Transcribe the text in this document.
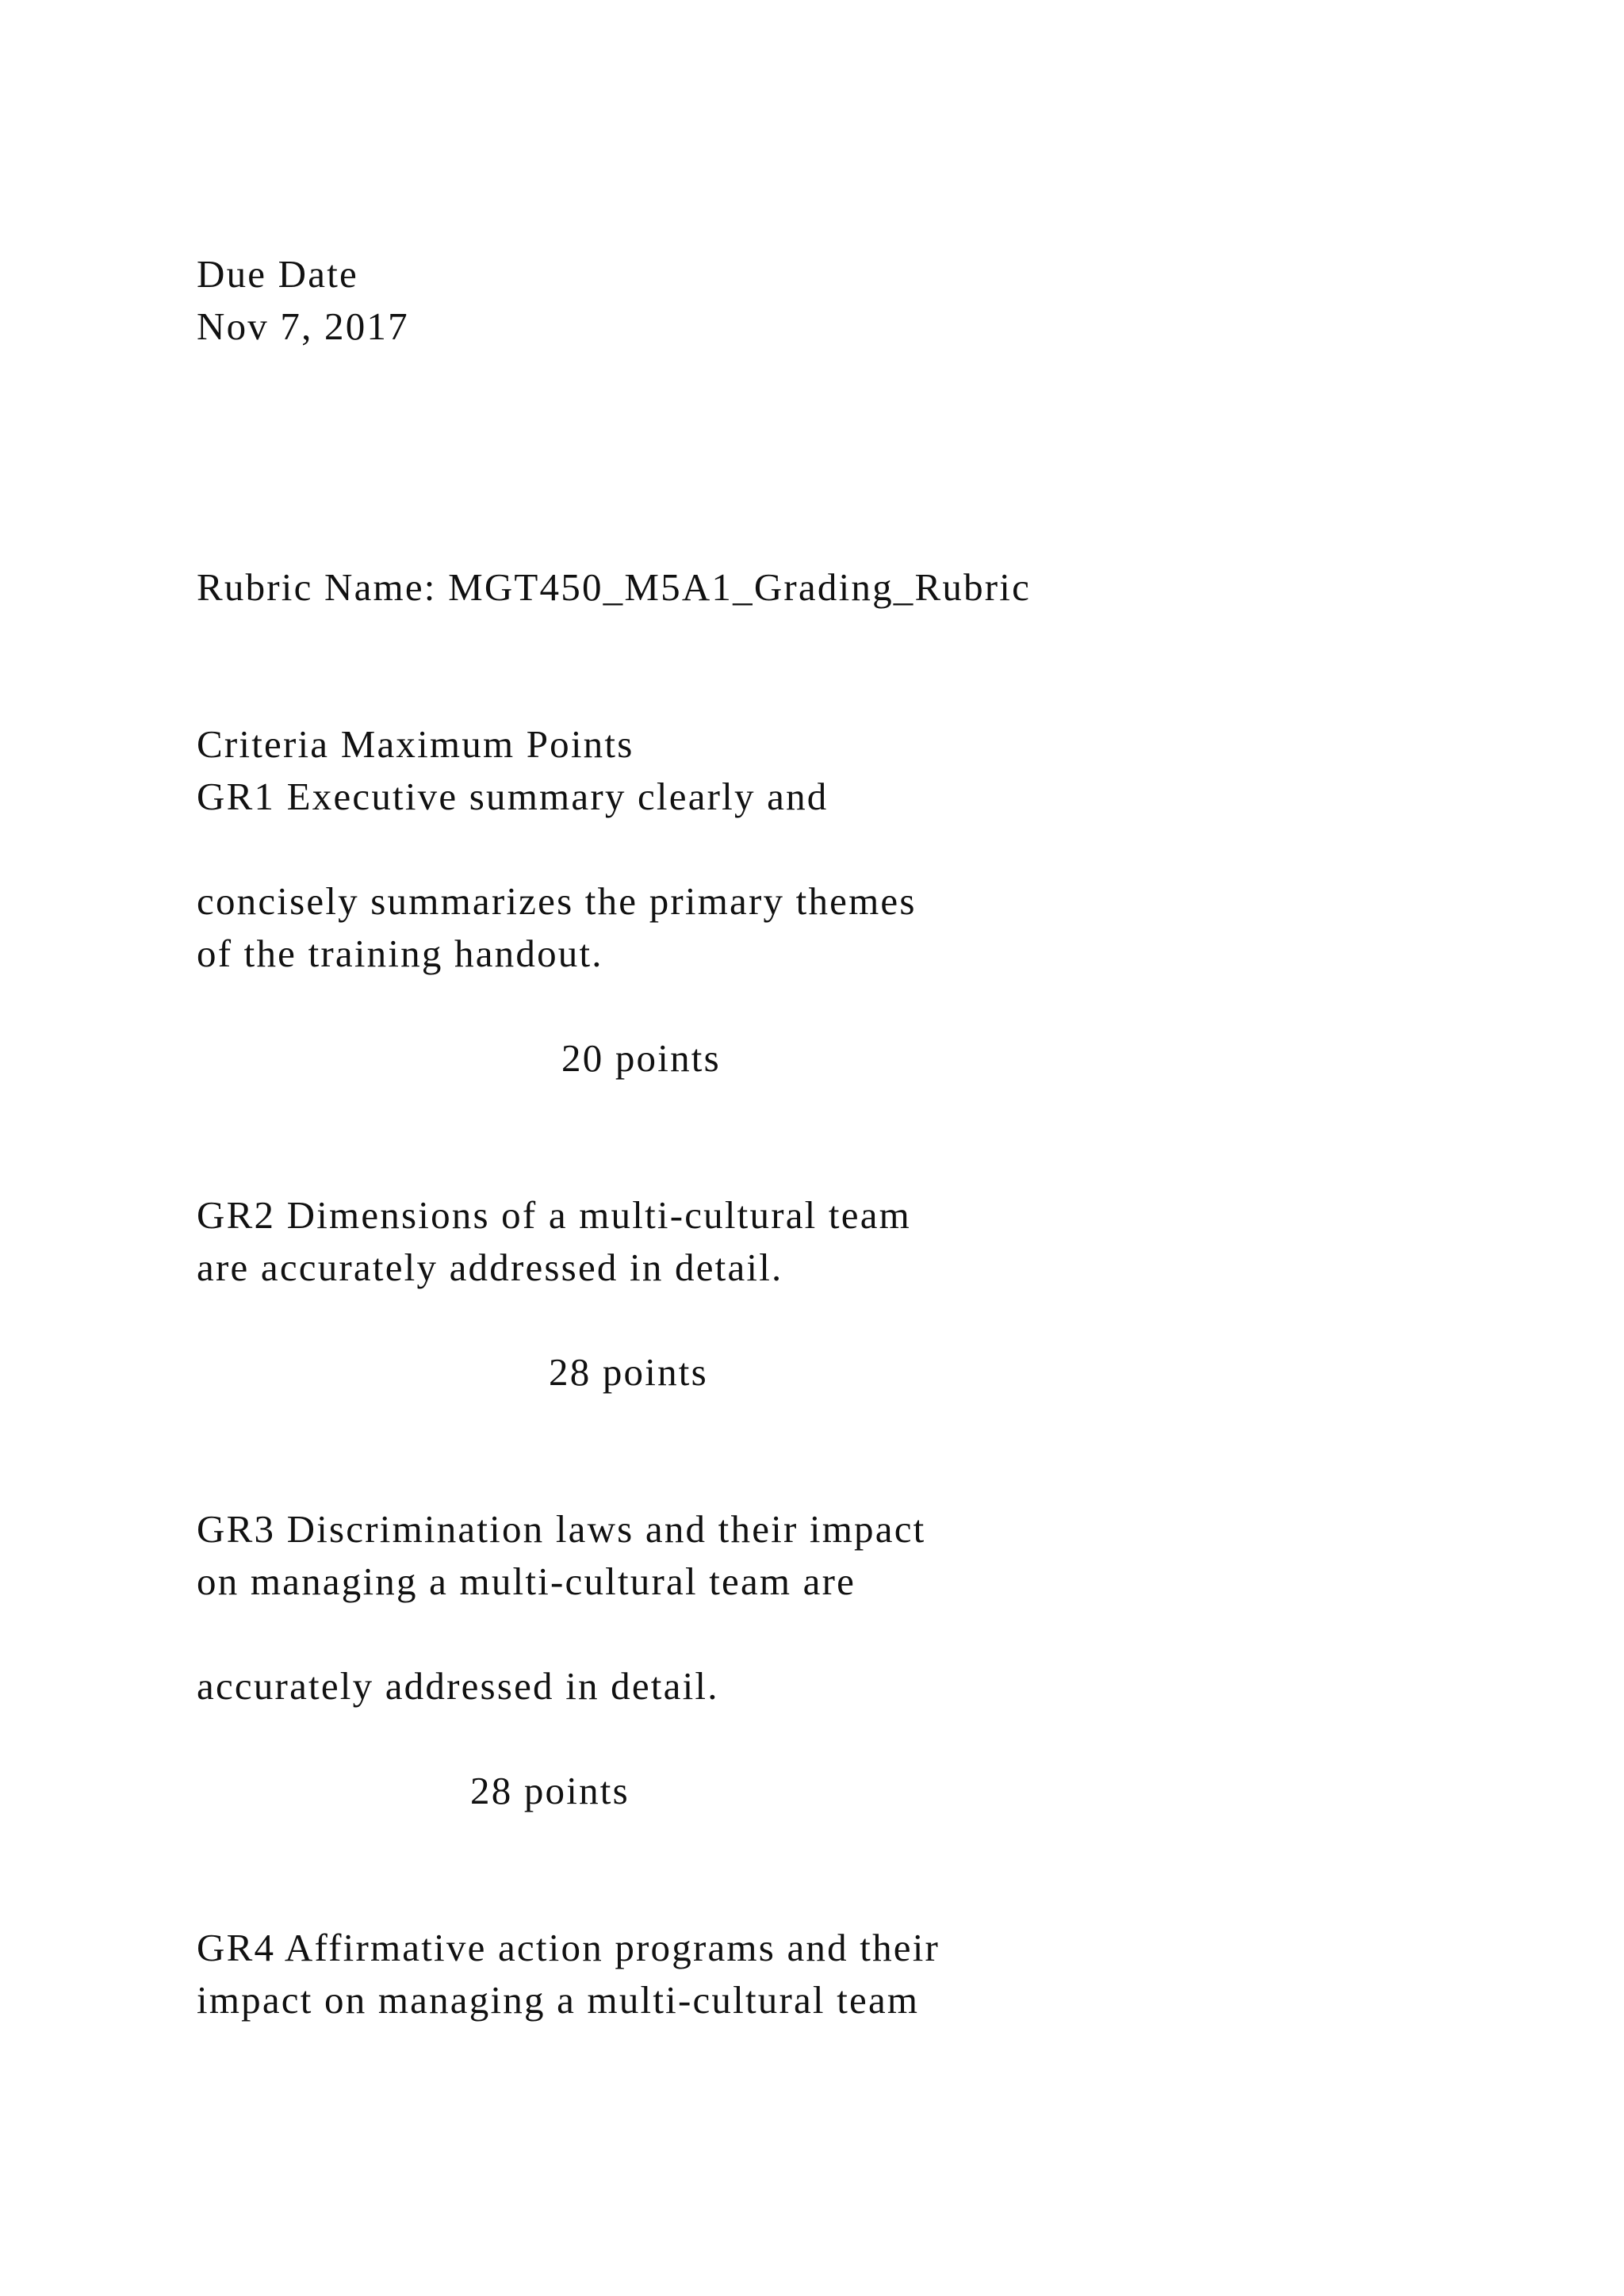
Due Date

Nov 7, 2017

Rubric Name: MGT450_M5A1_Grading_Rubric

Criteria Maximum Points

GR1 Executive summary clearly and

concisely summarizes the primary themes

of the training handout.

20 points

GR2 Dimensions of a multi-cultural team

are accurately addressed in detail.

28 points

GR3 Discrimination laws and their impact

on managing a multi-cultural team are

accurately addressed in detail.

28 points

GR4 Affirmative action programs and their

impact on managing a multi-cultural team
